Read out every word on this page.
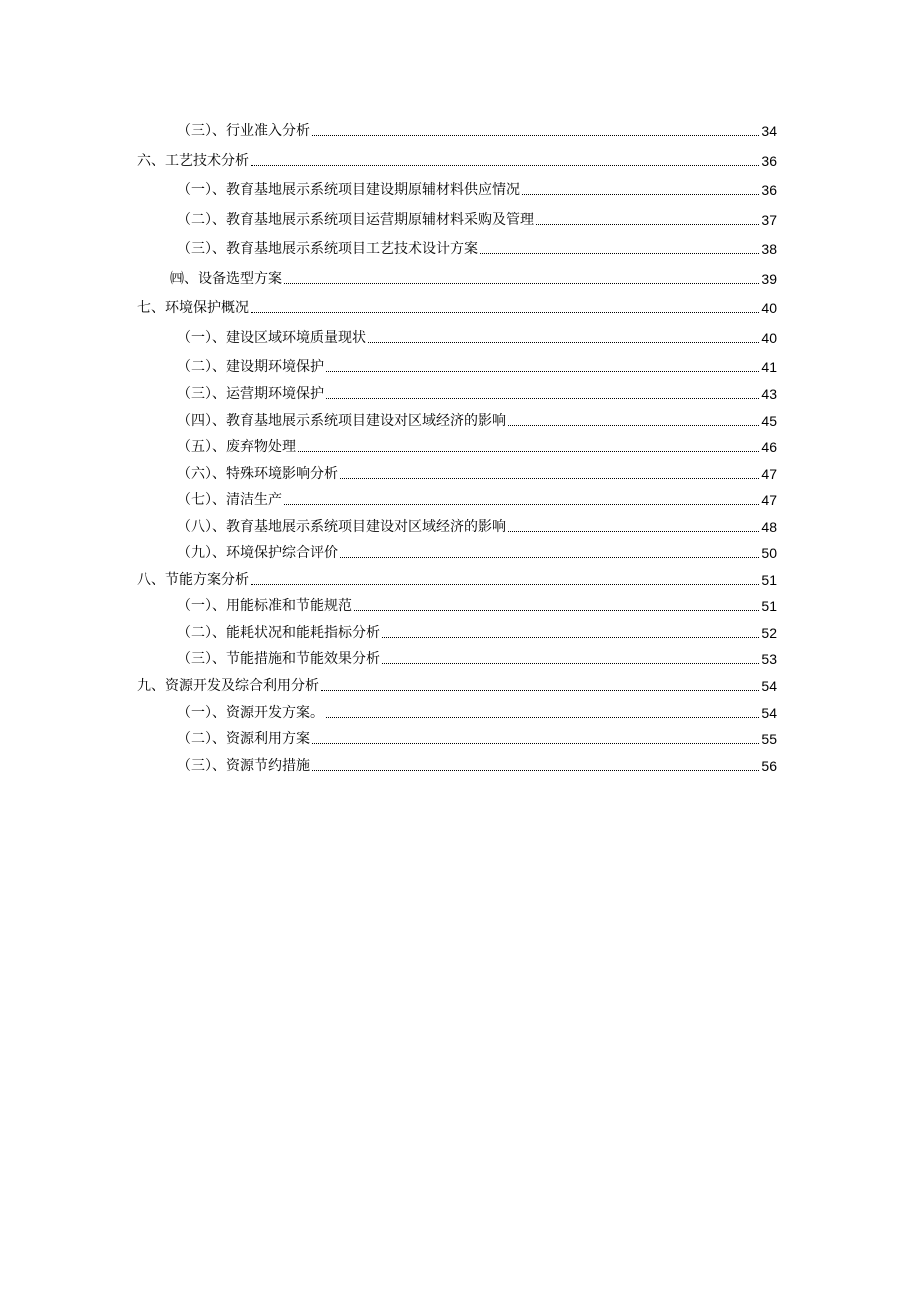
（三）、行业准入分析	34
六、工艺技术分析	36
（一）、教育基地展示系统项目建设期原辅材料供应情况	36
（二）、教育基地展示系统项目运营期原辅材料采购及管理	37
（三）、教育基地展示系统项目工艺技术设计方案	38
㈣、设备选型方案	39
七、环境保护概况	40
（一）、建设区域环境质量现状	40
（二）、建设期环境保护	41
（三）、运营期环境保护	43
（四）、教育基地展示系统项目建设对区域经济的影响	45
（五）、废弃物处理	46
（六）、特殊环境影响分析	47
（七）、清洁生产	47
（八）、教育基地展示系统项目建设对区域经济的影响	48
（九）、环境保护综合评价	50
八、节能方案分析	51
（一）、用能标准和节能规范	51
（二）、能耗状况和能耗指标分析	52
（三）、节能措施和节能效果分析	53
九、资源开发及综合利用分析	54
（一）、资源开发方案。	54
（二）、资源利用方案	55
（三）、资源节约措施	56
